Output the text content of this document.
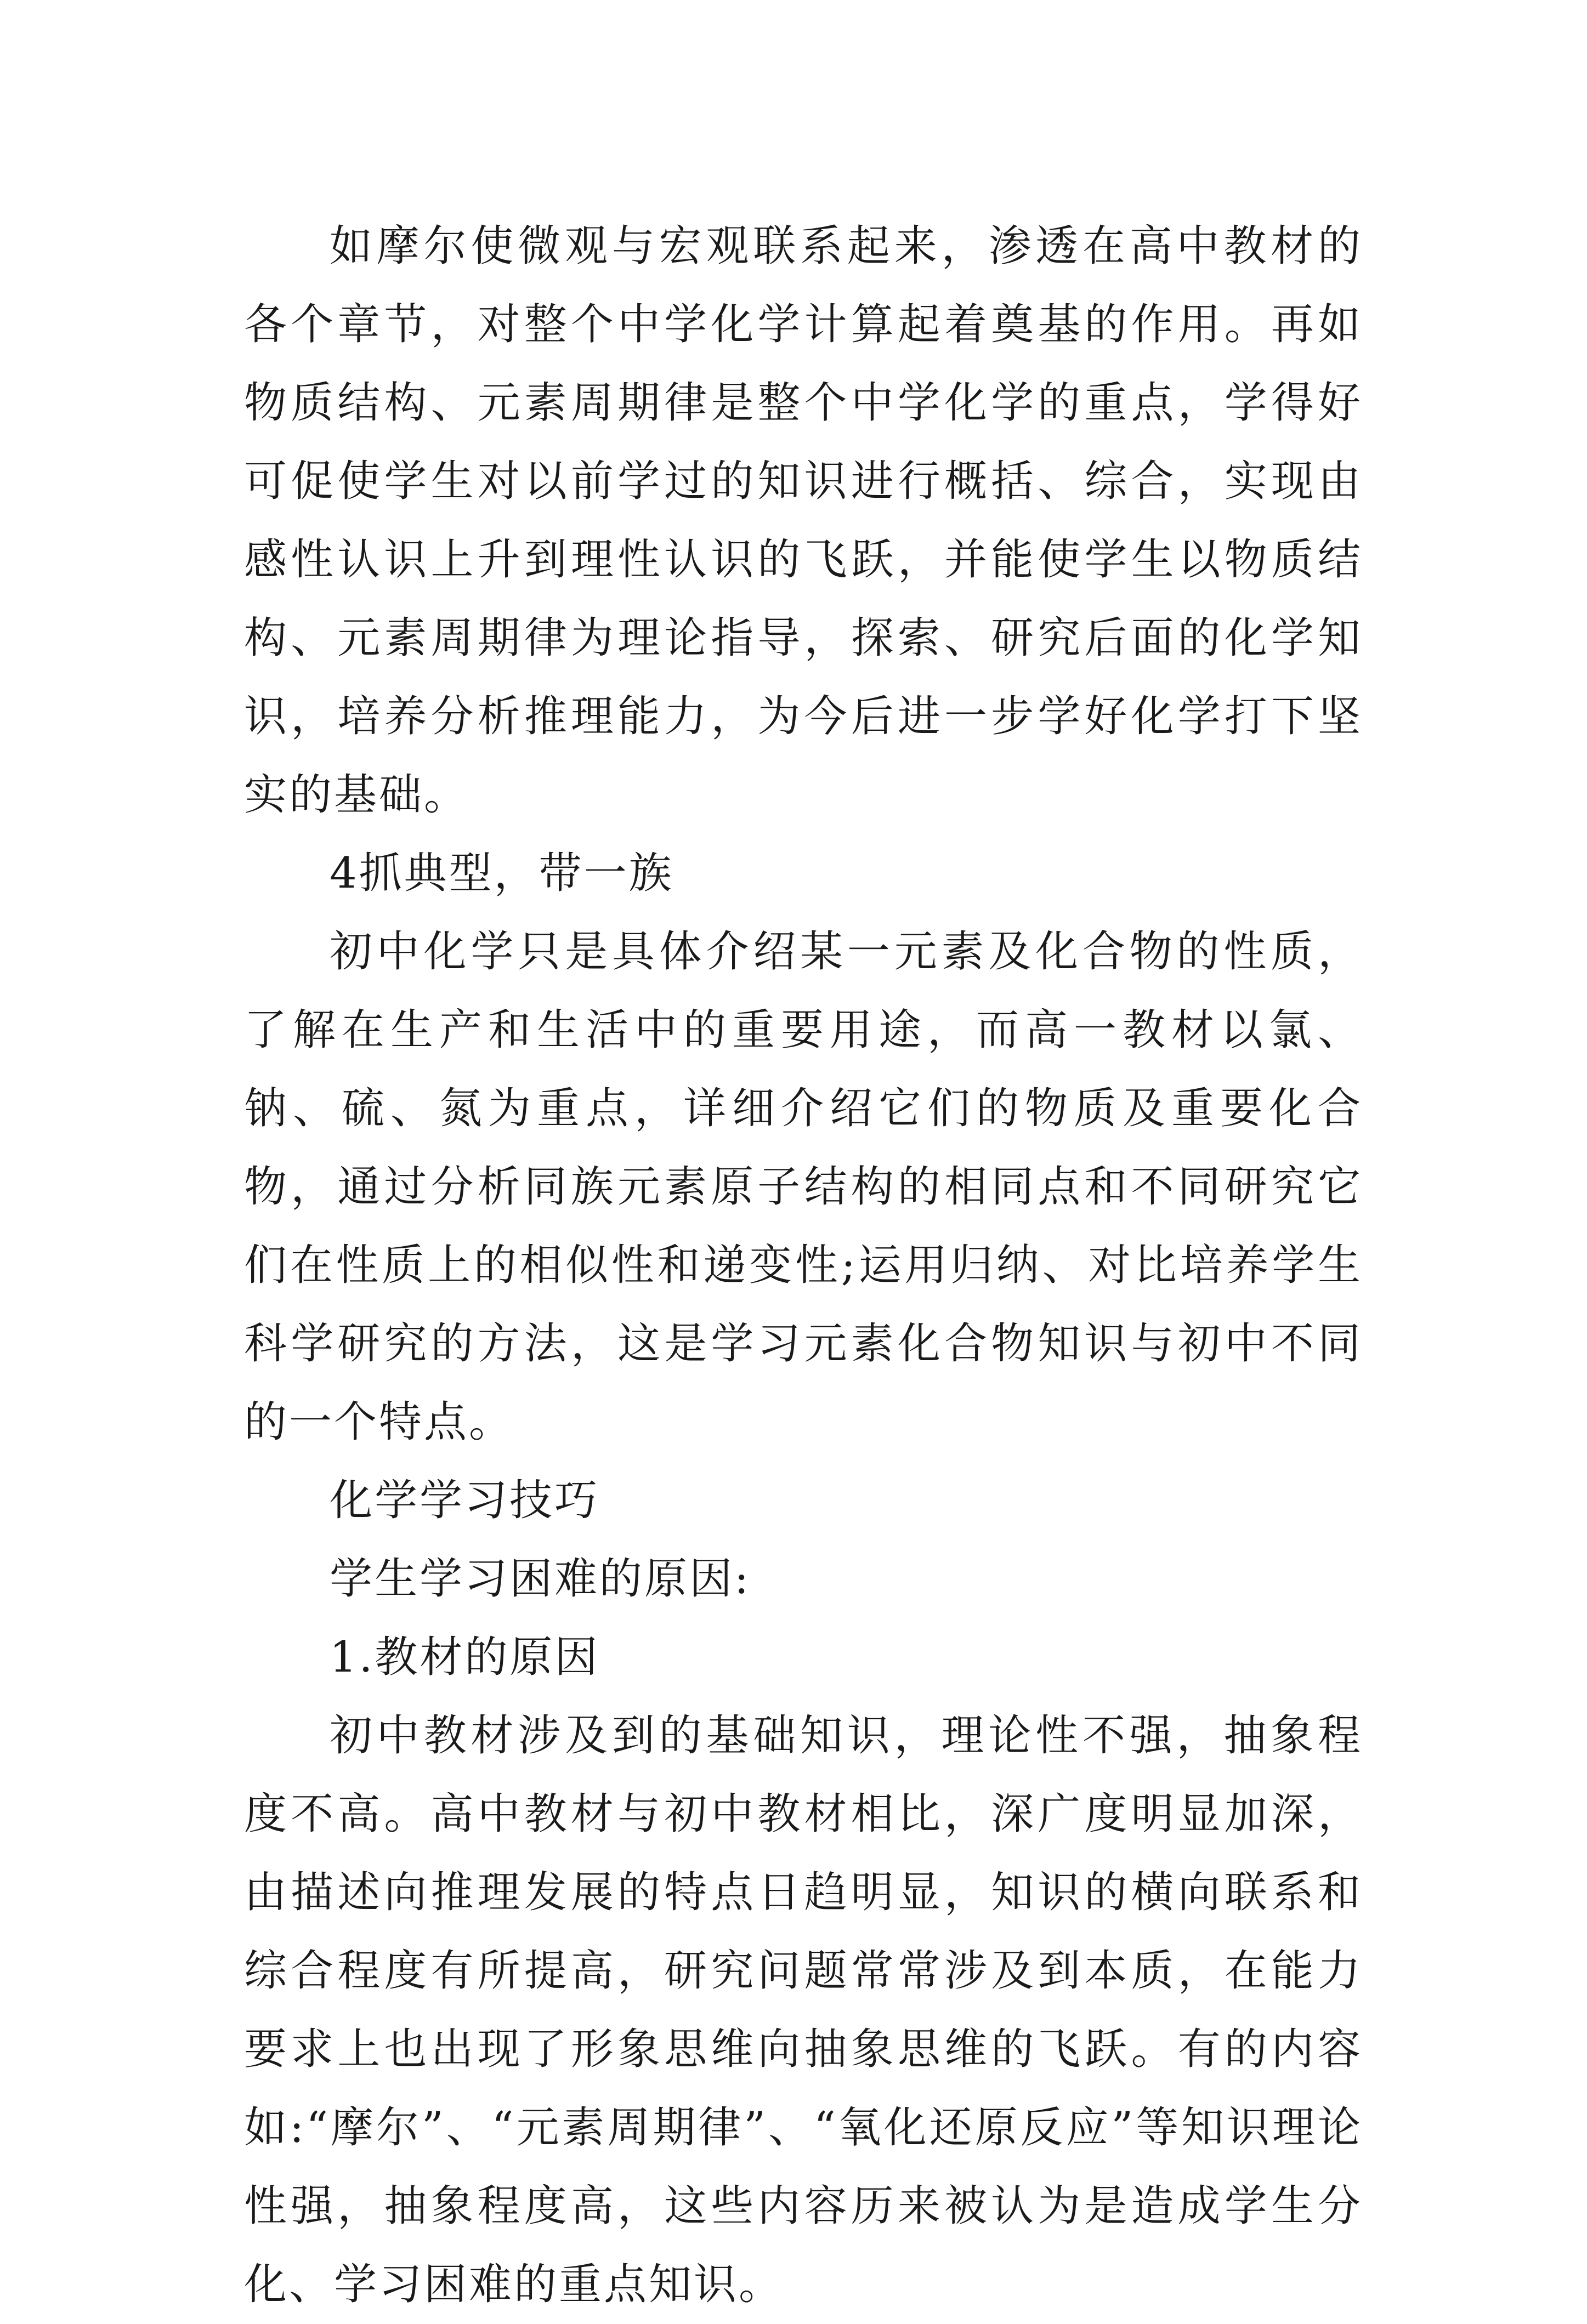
如摩尔使微观与宏观联系起来，渗透在高中教材的各个章节，对整个中学化学计算起着奠基的作用。再如物质结构、元素周期律是整个中学化学的重点，学得好可促使学生对以前学过的知识进行概括、综合，实现由感性认识上升到理性认识的飞跃，并能使学生以物质结构、元素周期律为理论指导，探索、研究后面的化学知识，培养分析推理能力，为今后进一步学好化学打下坚实的基础。

4抓典型，带一族

初中化学只是具体介绍某一元素及化合物的性质，了解在生产和生活中的重要用途，而高一教材以氯、钠、硫、氮为重点，详细介绍它们的物质及重要化合物，通过分析同族元素原子结构的相同点和不同研究它们在性质上的相似性和递变性;运用归纳、对比培养学生科学研究的方法，这是学习元素化合物知识与初中不同的一个特点。

化学学习技巧

学生学习困难的原因:

1.教材的原因

初中教材涉及到的基础知识，理论性不强，抽象程度不高。高中教材与初中教材相比，深广度明显加深，由描述向推理发展的特点日趋明显，知识的横向联系和综合程度有所提高，研究问题常常涉及到本质，在能力要求上也出现了形象思维向抽象思维的飞跃。有的内容如:“摩尔”、“元素周期律”、“氧化还原反应”等知识理论性强，抽象程度高，这些内容历来被认为是造成学生分化、学习困难的重点知识。
